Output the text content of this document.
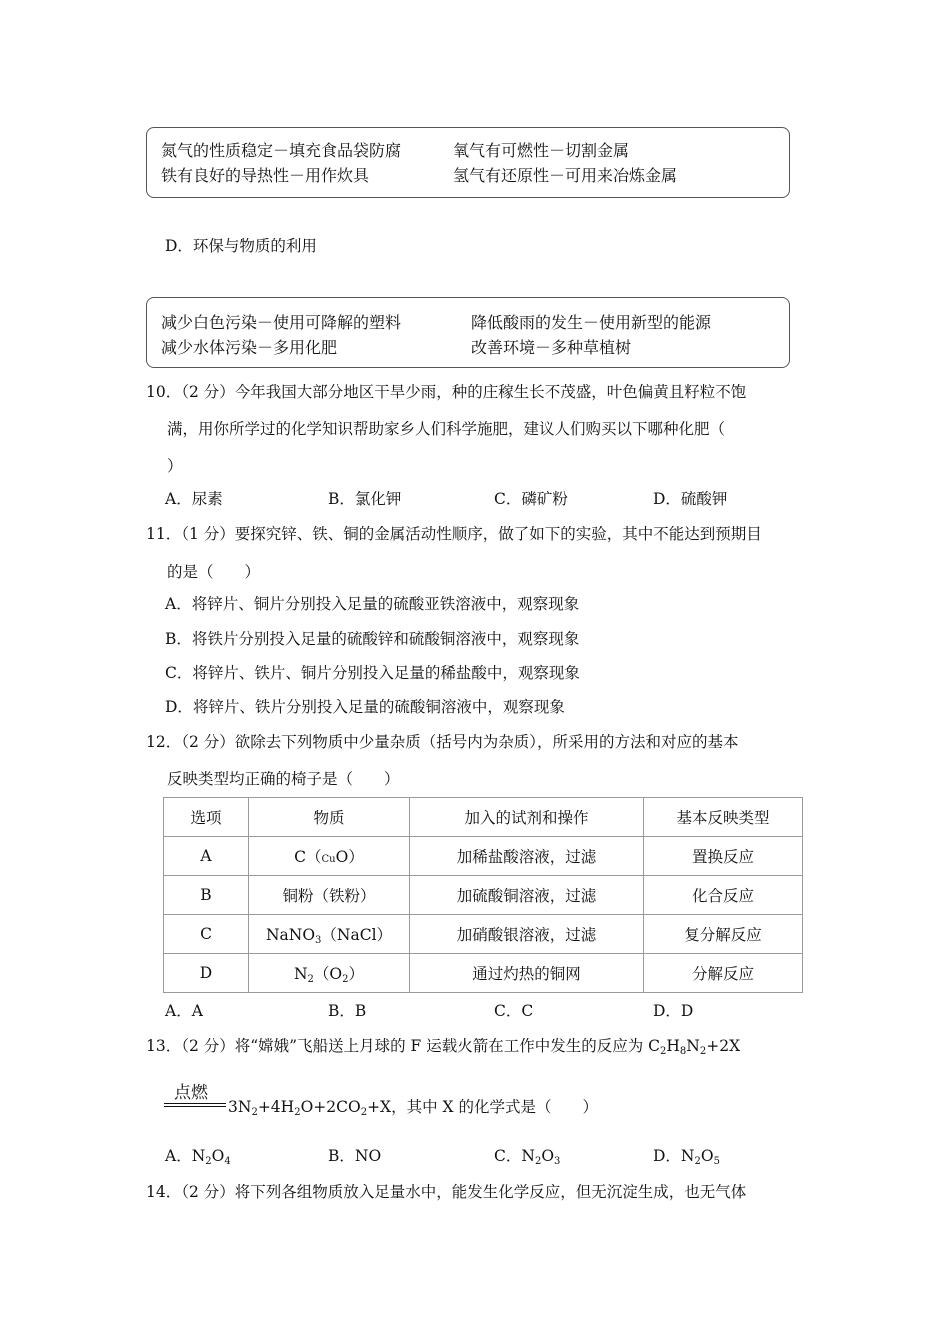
氮气的性质稳定－填充食品袋防腐	氧气有可燃性－切割金属
铁有良好的导热性－用作炊具	氢气有还原性－可用来冶炼金属
D．环保与物质的利用
减少白色污染－使用可降解的塑料	降低酸雨的发生－使用新型的能源
减少水体污染－多用化肥	改善环境－多种草植树
10．（2 分）今年我国大部分地区干旱少雨，种的庄稼生长不茂盛，叶色偏黄且籽粒不饱
满，用你所学过的化学知识帮助家乡人们科学施肥，建议人们购买以下哪种化肥（
）
A．尿素	B．氯化钾	C．磷矿粉	D．硫酸钾
11．（1 分）要探究锌、铁、铜的金属活动性顺序，做了如下的实验，其中不能达到预期目
的是（　　）
A．将锌片、铜片分别投入足量的硫酸亚铁溶液中，观察现象
B．将铁片分别投入足量的硫酸锌和硫酸铜溶液中，观察现象
C．将锌片、铁片、铜片分别投入足量的稀盐酸中，观察现象
D．将锌片、铁片分别投入足量的硫酸铜溶液中，观察现象
12．（2 分）欲除去下列物质中少量杂质（括号内为杂质），所采用的方法和对应的基本
反映类型均正确的椅子是（　　）
选项	物质	加入的试剂和操作	基本反映类型
A	C（CuO）	加稀盐酸溶液，过滤	置换反应
B	铜粉（铁粉）	加硫酸铜溶液，过滤	化合反应
C	NaNO$_3$（NaCl）	加硝酸银溶液，过滤	复分解反应
D	$N_2(O_2)$	通过灼热的铜网	分解反应
A．A	B．B	C．C	D．D
13．（2 分）将“嫦娥”飞船送上月球的 F 运载火箭在工作中发生的反应为 $C_2H_8N_2+2X$
点燃
$3N_2+4H_2O+2CO_2+X$，其中 X 的化学式是（　　）
A．$N_2O_4$	B．NO	C．$N_2O_3$	D．$N_2O_5$
14．（2 分）将下列各组物质放入足量水中，能发生化学反应，但无沉淀生成，也无气体
